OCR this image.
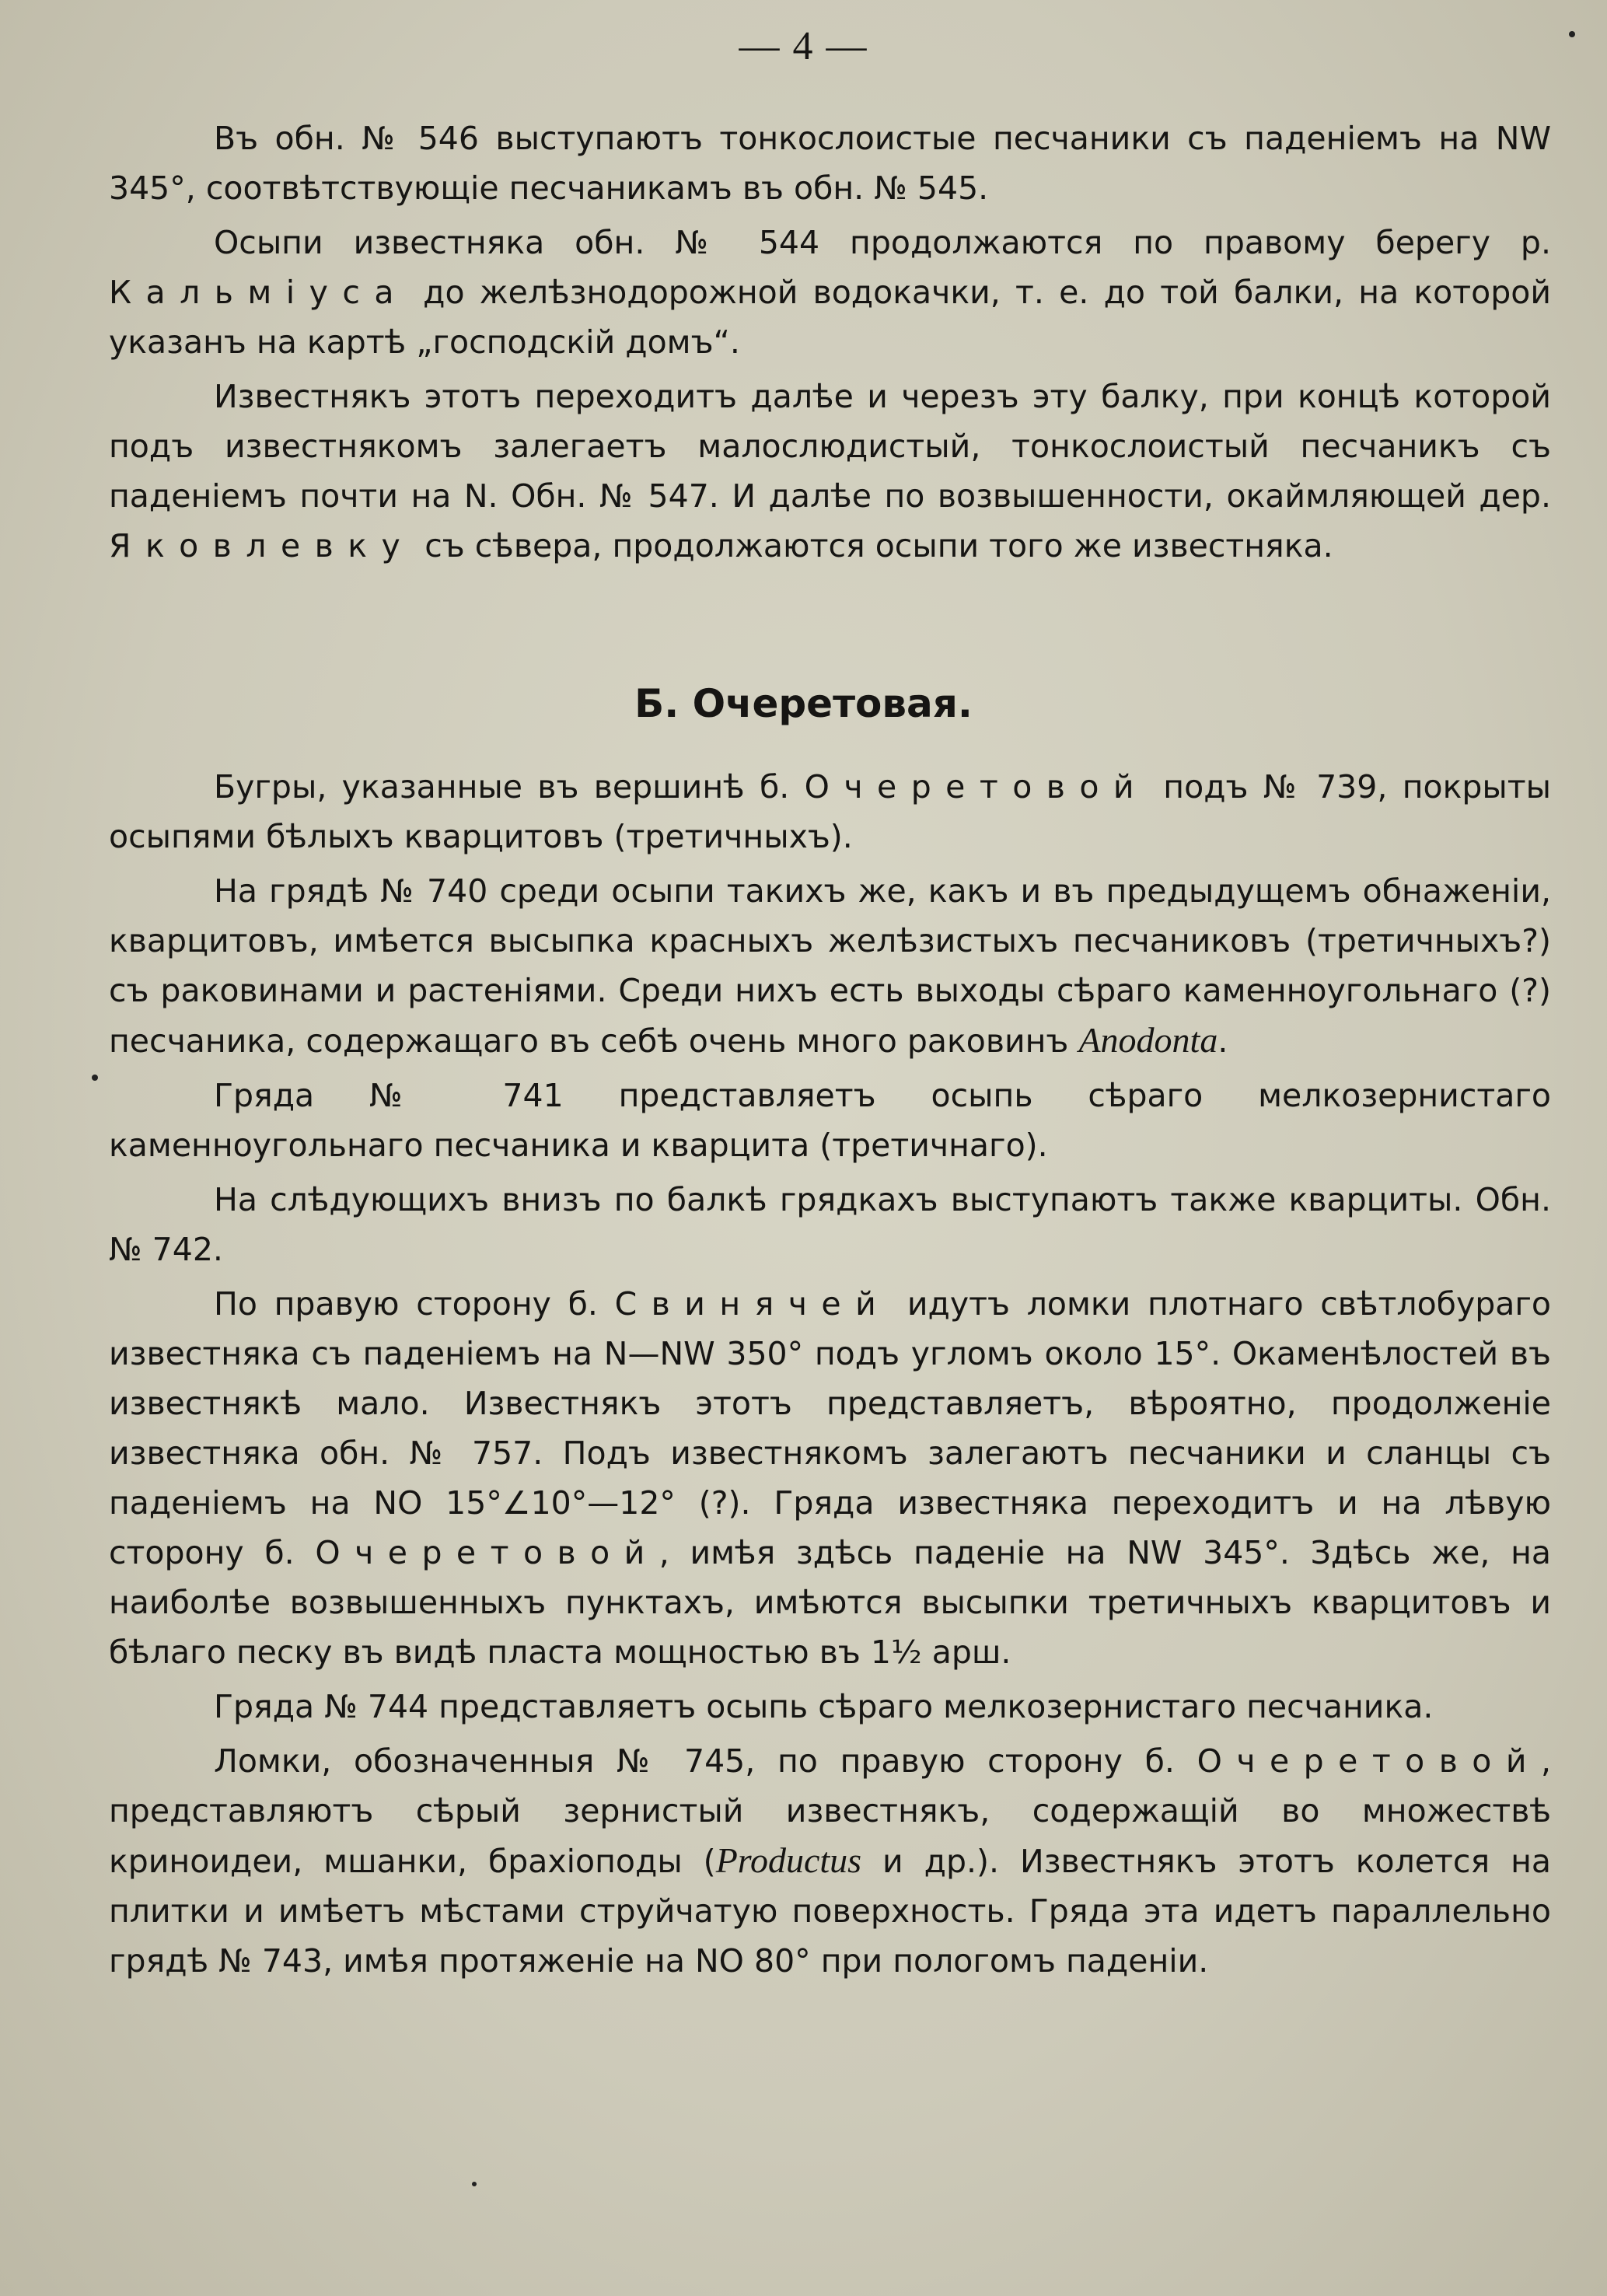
— 4 —

Въ обн. № 546 выступаютъ тонкослоистые песчаники съ паденіемъ на NW 345°, соотвѣтствующіе песчаникамъ въ обн. № 545.

Осыпи известняка обн. № 544 продолжаются по правому берегу р. Кальміуса до желѣзнодорожной водокачки, т. е. до той балки, на которой указанъ на картѣ „господскій домъ“.

Известнякъ этотъ переходитъ далѣе и черезъ эту балку, при концѣ которой подъ известнякомъ залегаетъ малослюдистый, тонкослоистый песчаникъ съ паденіемъ почти на N. Обн. № 547. И далѣе по возвышенности, окаймляющей дер. Яковлевку съ сѣвера, продолжаются осыпи того же известняка.

Б. Очеретовая.

Бугры, указанные въ вершинѣ б. Очеретовой подъ № 739, покрыты осыпями бѣлыхъ кварцитовъ (третичныхъ).

На грядѣ № 740 среди осыпи такихъ же, какъ и въ предыдущемъ обнаженіи, кварцитовъ, имѣется высыпка красныхъ желѣзистыхъ песчаниковъ (третичныхъ?) съ раковинами и растеніями. Среди нихъ есть выходы сѣраго каменноугольнаго (?) песчаника, содержащаго въ себѣ очень много раковинъ Anodonta.

Гряда № 741 представляетъ осыпь сѣраго мелкозернистаго каменноугольнаго песчаника и кварцита (третичнаго).

На слѣдующихъ внизъ по балкѣ грядкахъ выступаютъ также кварциты. Обн. № 742.

По правую сторону б. Свинячей идутъ ломки плотнаго свѣтлобураго известняка съ паденіемъ на N—NW 350° подъ угломъ около 15°. Окаменѣлостей въ известнякѣ мало. Известнякъ этотъ представляетъ, вѣроятно, продолженіе известняка обн. № 757. Подъ известнякомъ залегаютъ песчаники и сланцы съ паденіемъ на NO 15°∠10°—12° (?). Гряда известняка переходитъ и на лѣвую сторону б. Очеретовой, имѣя здѣсь паденіе на NW 345°. Здѣсь же, на наиболѣе возвышенныхъ пунктахъ, имѣются высыпки третичныхъ кварцитовъ и бѣлаго песку въ видѣ пласта мощностью въ 1½ арш.

Гряда № 744 представляетъ осыпь сѣраго мелкозернистаго песчаника.

Ломки, обозначенныя № 745, по правую сторону б. Очеретовой, представляютъ сѣрый зернистый известнякъ, содержащій во множествѣ криноидеи, мшанки, брахіоподы (Productus и др.). Известнякъ этотъ колется на плитки и имѣетъ мѣстами струйчатую поверхность. Гряда эта идетъ параллельно грядѣ № 743, имѣя протяженіе на NO 80° при пологомъ паденіи.
